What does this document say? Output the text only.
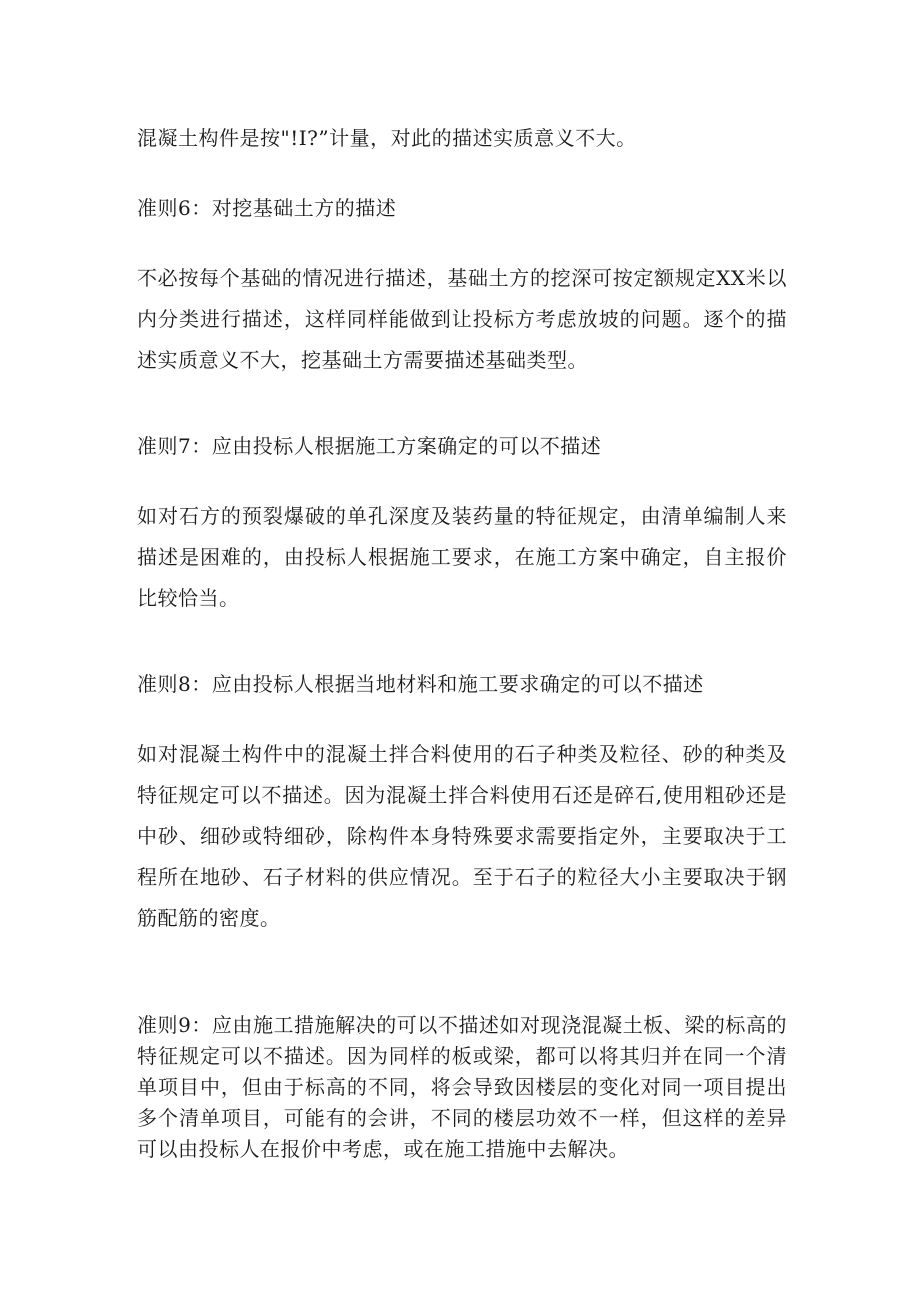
混凝土构件是按"!I?”计量，对此的描述实质意义不大。

准则6：对挖基础土方的描述

不必按每个基础的情况进行描述，基础土方的挖深可按定额规定XX米以内分类进行描述，这样同样能做到让投标方考虑放坡的问题。逐个的描述实质意义不大，挖基础土方需要描述基础类型。

准则7：应由投标人根据施工方案确定的可以不描述

如对石方的预裂爆破的单孔深度及装药量的特征规定，由清单编制人来描述是困难的，由投标人根据施工要求，在施工方案中确定，自主报价比较恰当。

准则8：应由投标人根据当地材料和施工要求确定的可以不描述

如对混凝土构件中的混凝土拌合料使用的石子种类及粒径、砂的种类及特征规定可以不描述。因为混凝土拌合料使用石还是碎石,使用粗砂还是中砂、细砂或特细砂，除构件本身特殊要求需要指定外，主要取决于工程所在地砂、石子材料的供应情况。至于石子的粒径大小主要取决于钢筋配筋的密度。

准则9：应由施工措施解决的可以不描述如对现浇混凝土板、梁的标高的特征规定可以不描述。因为同样的板或梁，都可以将其归并在同一个清单项目中，但由于标高的不同，将会导致因楼层的变化对同一项目提出多个清单项目，可能有的会讲，不同的楼层功效不一样，但这样的差异可以由投标人在报价中考虑，或在施工措施中去解决。
